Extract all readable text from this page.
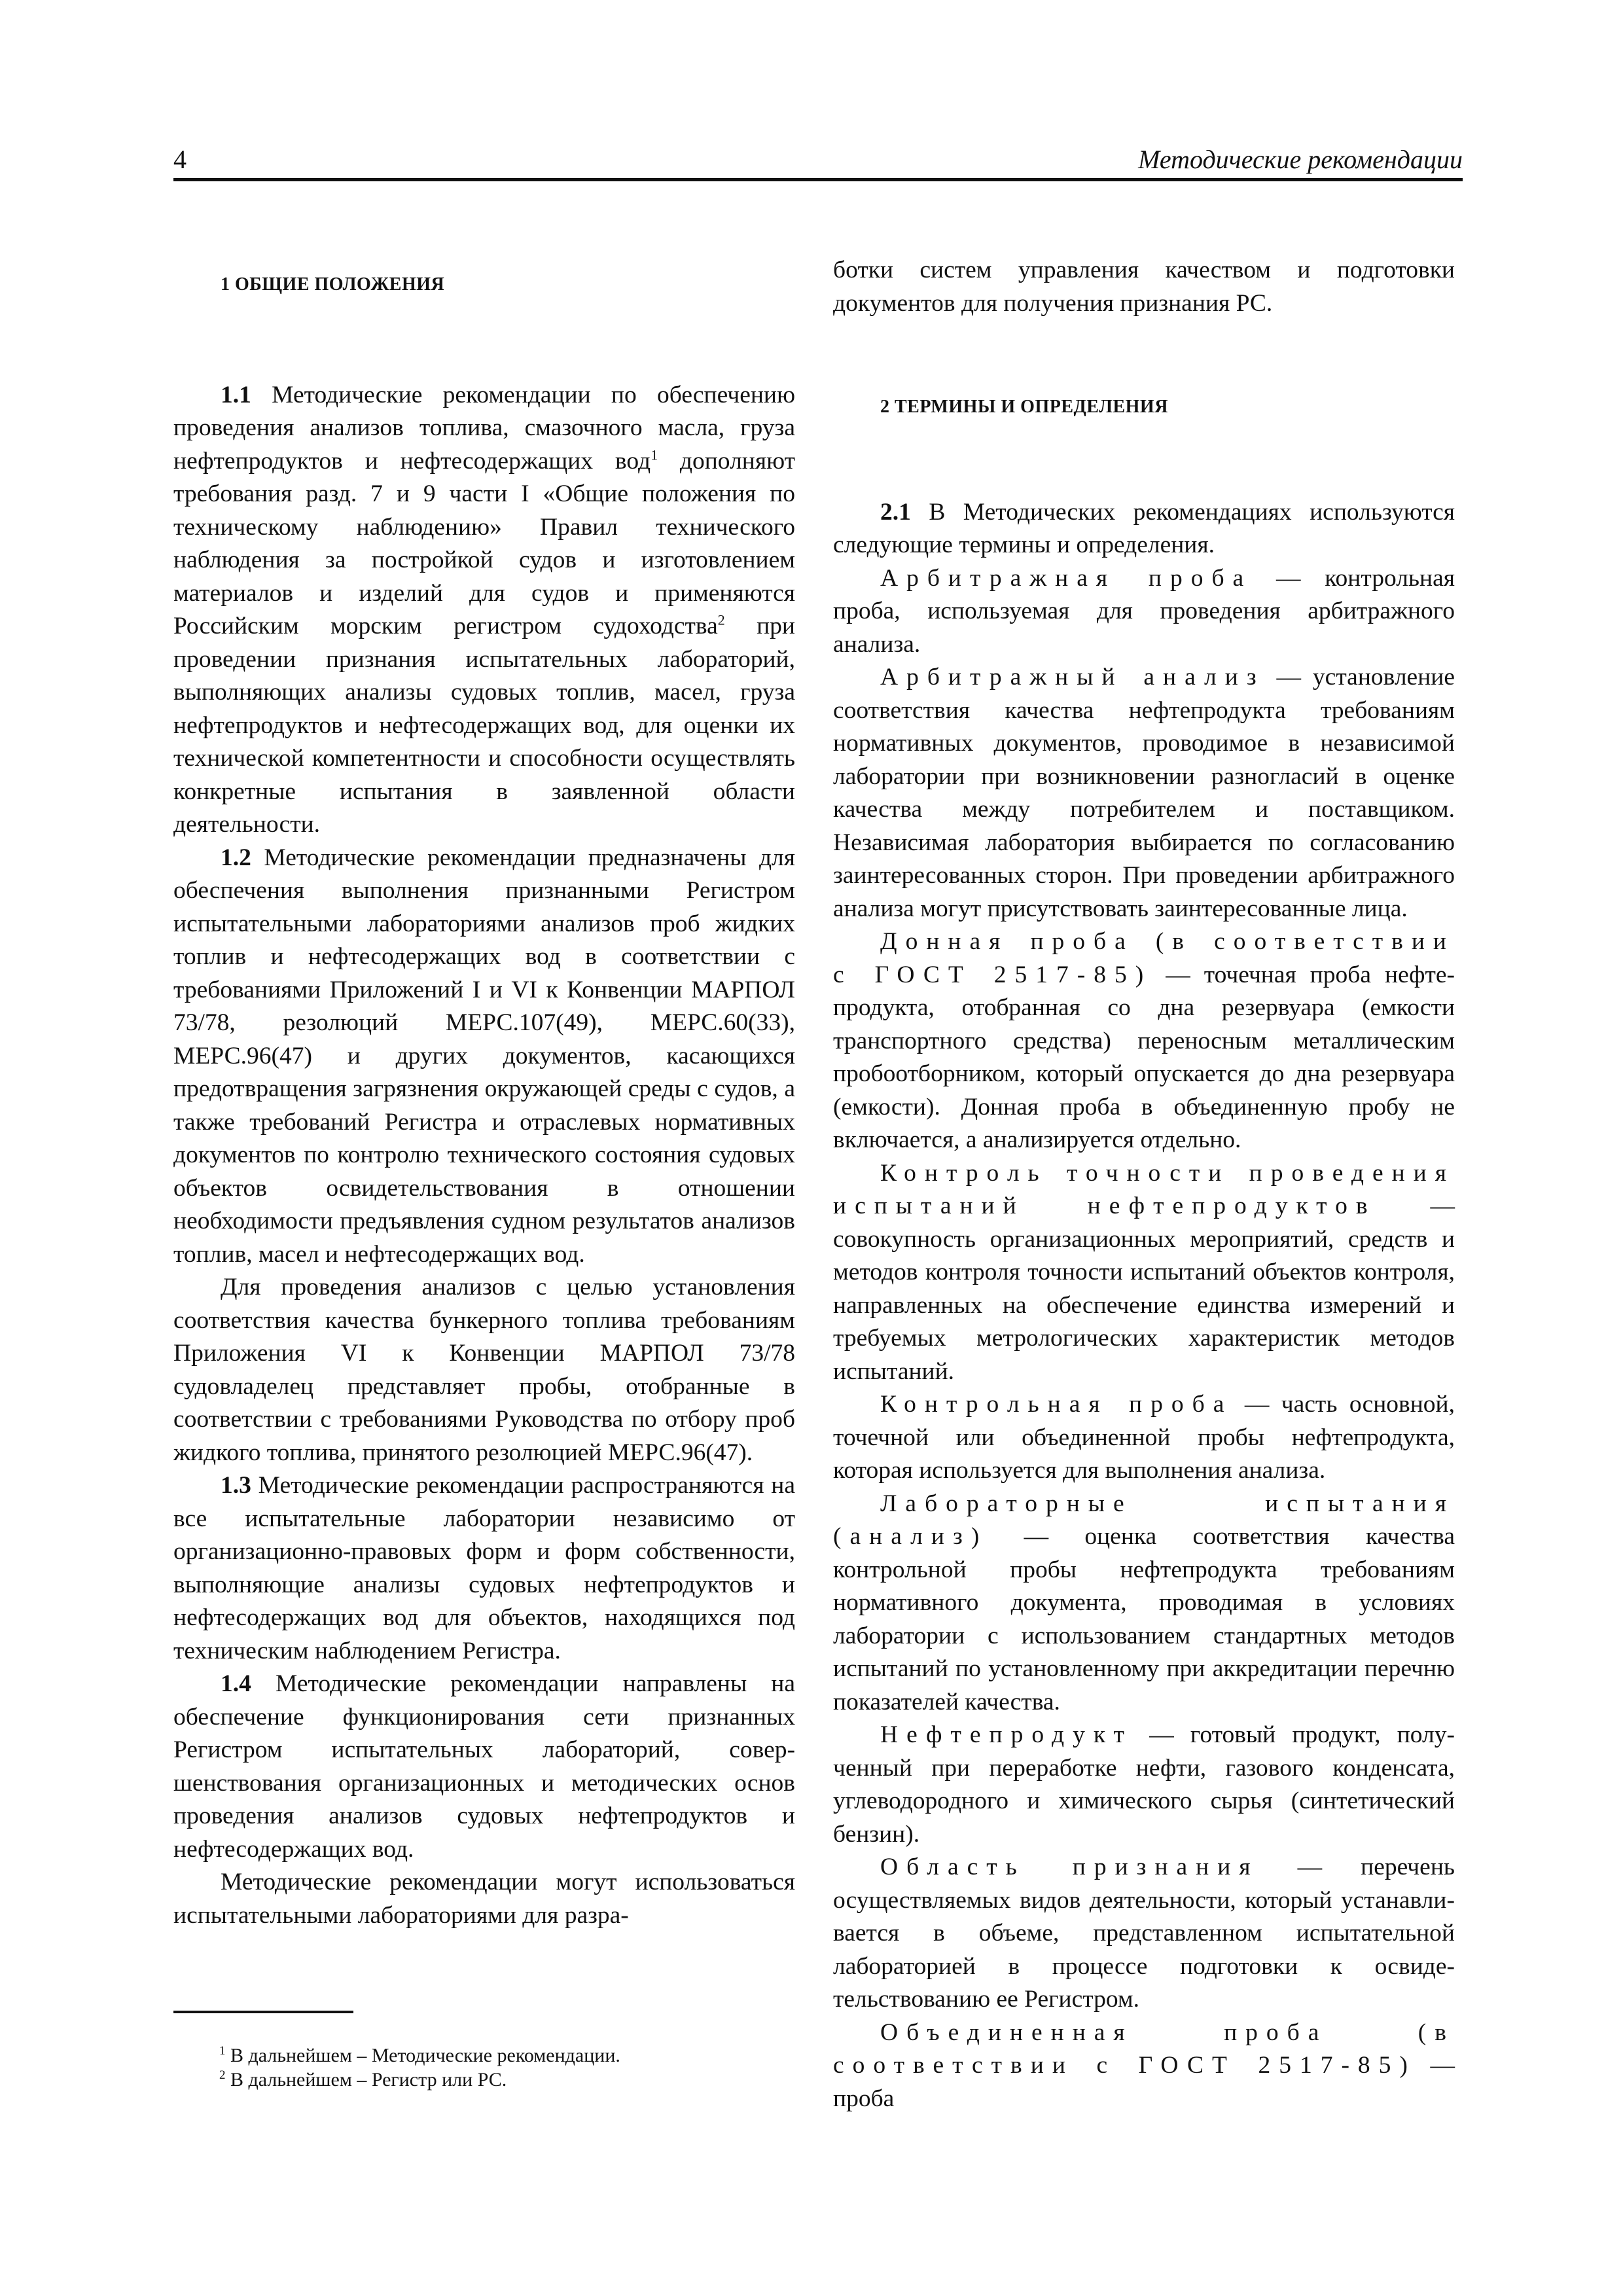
4	Методические рекомендации

1 ОБЩИЕ ПОЛОЖЕНИЯ

1.1 Методические рекомендации по обеспечению проведения анализов топлива, смазочного масла, груза нефтепродуктов и нефтесодержащих вод$^1$ дополняют требования разд. 7 и 9 части I «Общие положения по техническому наблюдению» Правил технического наблюдения за постройкой судов и изготовлением материалов и изделий для судов и применяются Российским морским регистром судоходства$^2$ при проведении признания испытательных лабораторий, выполняющих анализы судовых топлив, масел, груза нефтепродуктов и нефтесодержащих вод, для оценки их технической компетентности и способности осуществлять конкретные испытания в заявленной области деятельности.

1.2 Методические рекомендации предназначены для обеспечения выполнения признанными Регистром испытательными лабораториями анализов проб жидких топлив и нефтесодержащих вод в соответствии с требованиями Приложений I и VI к Конвенции МАРПОЛ 73/78, резолюций МЕРС.107(49), МЕРС.60(33), МЕРС.96(47) и других документов, касающихся предотвращения загрязнения окружающей среды с судов, а также требований Регистра и отраслевых нормативных документов по контролю технического состояния судовых объектов освидетельствования в отношении необходимости предъявления судном результатов анализов топлив, масел и нефтесодержащих вод.

Для проведения анализов с целью установления соответствия качества бункерного топлива требованиям Приложения VI к Конвенции МАРПОЛ 73/78 судовладелец представляет пробы, отобранные в соответствии с требованиями Руководства по отбору проб жидкого топлива, принятого резолюцией МЕРС.96(47).

1.3 Методические рекомендации распространяются на все испытательные лаборатории независимо от организационно-правовых форм и форм собственности, выполняющие анализы судовых нефтепродуктов и нефтесодержащих вод для объектов, находящихся под техническим наблюдением Регистра.

1.4 Методические рекомендации направлены на обеспечение функционирования сети признанных Регистром испытательных лабораторий, совершенствования организационных и методических основ проведения анализов судовых нефтепродуктов и нефтесодержащих вод.

Методические рекомендации могут использоваться испытательными лабораториями для разра-

ботки систем управления качеством и подготовки документов для получения признания РС.

2 ТЕРМИНЫ И ОПРЕДЕЛЕНИЯ

2.1 В Методических рекомендациях используются следующие термины и определения.

Арбитражная проба — контрольная проба, используемая для проведения арбитражного анализа.

Арбитражный анализ — установление соответствия качества нефтепродукта требованиям нормативных документов, проводимое в независимой лаборатории при возникновении разногласий в оценке качества между потребителем и поставщиком. Независимая лаборатория выбирается по согласованию заинтересованных сторон. При проведении арбитражного анализа могут присутствовать заинтересованные лица.

Донная проба (в соответствии с ГОСТ 2517-85) — точечная проба нефтепродукта, отобранная со дна резервуара (емкости транспортного средства) переносным металлическим пробоотборником, который опускается до дна резервуара (емкости). Донная проба в объединенную пробу не включается, а анализируется отдельно.

Контроль точности проведения испытаний нефтепродуктов — совокупность организационных мероприятий, средств и методов контроля точности испытаний объектов контроля, направленных на обеспечение единства измерений и требуемых метрологических характеристик методов испытаний.

Контрольная проба — часть основной, точечной или объединенной пробы нефтепродукта, которая используется для выполнения анализа.

Лабораторные испытания (анализ) — оценка соответствия качества контрольной пробы нефтепродукта требованиям нормативного документа, проводимая в условиях лаборатории с использованием стандартных методов испытаний по установленному при аккредитации перечню показателей качества.

Нефтепродукт — готовый продукт, полученный при переработке нефти, газового конденсата, углеводородного и химического сырья (синтетический бензин).

Область признания — перечень осуществляемых видов деятельности, который устанавливается в объеме, представленном испытательной лабораторией в процессе подготовки к освидетельствованию ее Регистром.

Объединенная проба (в соответствии с ГОСТ 2517-85) — проба

$^1$ В дальнейшем – Методические рекомендации.

$^2$ В дальнейшем – Регистр или РС.
